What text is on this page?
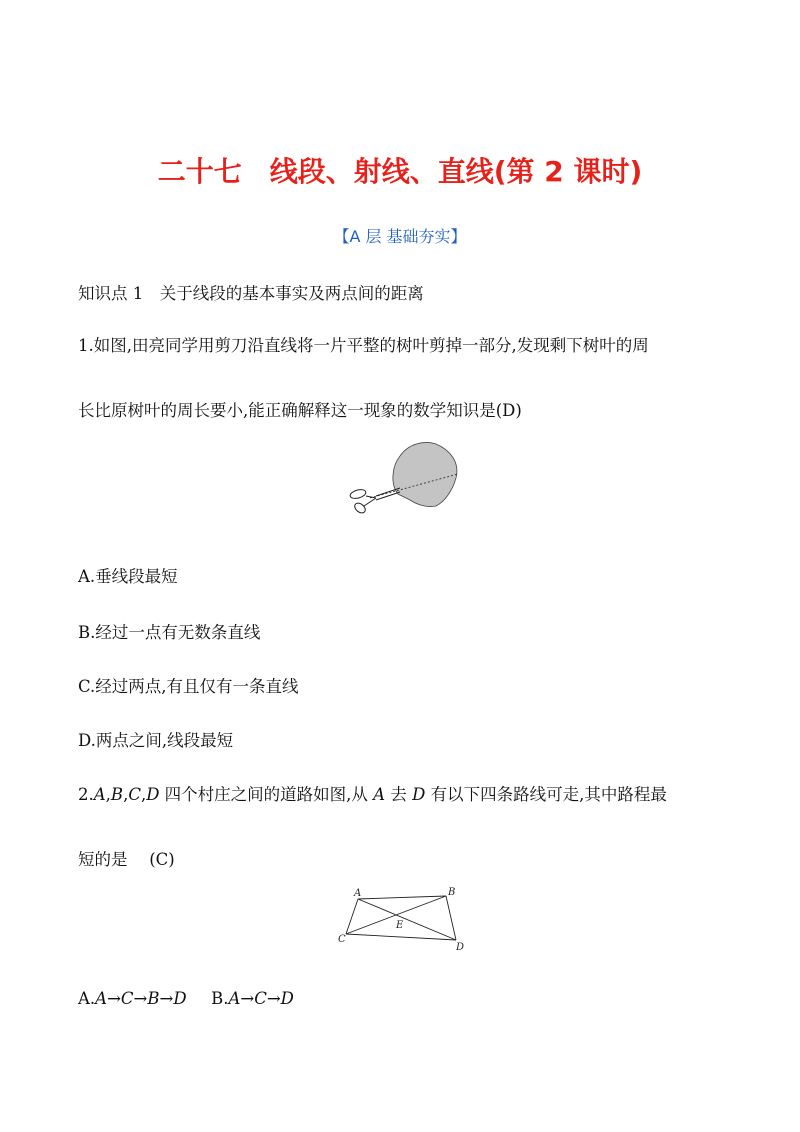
二十七　线段、射线、直线(第 2 课时)
【A 层 基础夯实】
知识点 1　关于线段的基本事实及两点间的距离
1.如图,田亮同学用剪刀沿直线将一片平整的树叶剪掉一部分,发现剩下树叶的周
长比原树叶的周长要小,能正确解释这一现象的数学知识是(D)
A.垂线段最短
B.经过一点有无数条直线
C.经过两点,有且仅有一条直线
D.两点之间,线段最短
2.A,B,C,D 四个村庄之间的道路如图,从 A 去 D 有以下四条路线可走,其中路程最
短的是　 (C)
A	B
C
D
E
A.A→C→B→D B.A→C→D
